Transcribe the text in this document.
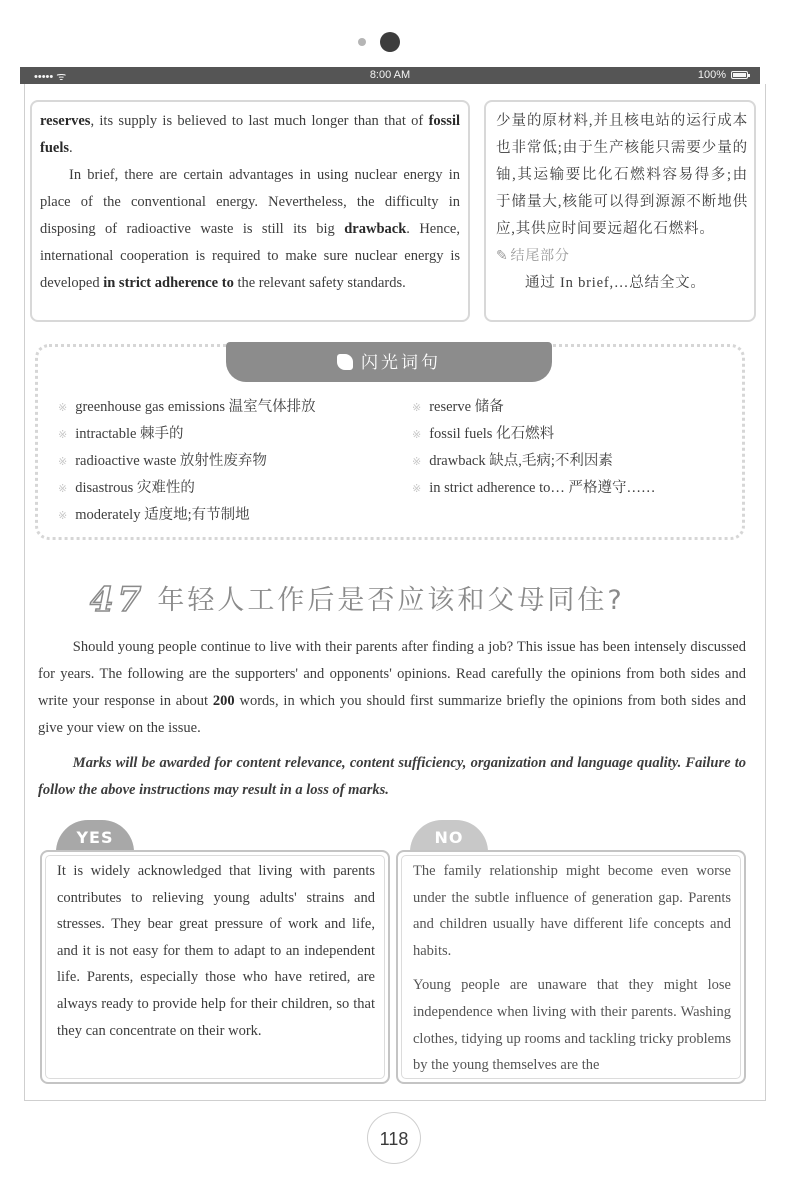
••••• ᯤ	8:00 AM	100%

reserves, its supply is believed to last much longer than that of fossil fuels.

In brief, there are certain advantages in using nuclear energy in place of the conventional energy. Nevertheless, the difficulty in disposing of radioactive waste is still its big drawback. Hence, international cooperation is required to make sure nuclear energy is developed in strict adherence to the relevant safety standards.

少量的原材料,并且核电站的运行成本也非常低;由于生产核能只需要少量的铀,其运输要比化石燃料容易得多;由于储量大,核能可以得到源源不断地供应,其供应时间要远超化石燃料。

✎ 结尾部分

通过 In brief,…总结全文。

闪光词句
※ greenhouse gas emissions 温室气体排放
※ intractable 棘手的
※ radioactive waste 放射性废弃物
※ disastrous 灾难性的
※ moderately 适度地;有节制地
※ reserve 储备
※ fossil fuels 化石燃料
※ drawback 缺点,毛病;不利因素
※ in strict adherence to… 严格遵守……
47 年轻人工作后是否应该和父母同住?

Should young people continue to live with their parents after finding a job? This issue has been intensely discussed for years. The following are the supporters' and opponents' opinions. Read carefully the opinions from both sides and write your response in about 200 words, in which you should first summarize briefly the opinions from both sides and give your view on the issue.

Marks will be awarded for content relevance, content sufficiency, organization and language quality. Failure to follow the above instructions may result in a loss of marks.
YES	NO

It is widely acknowledged that living with parents contributes to relieving young adults' strains and stresses. They bear great pressure of work and life, and it is not easy for them to adapt to an independent life. Parents, especially those who have retired, are always ready to provide help for their children, so that they can concentrate on their work.

The family relationship might become even worse under the subtle influence of generation gap. Parents and children usually have different life concepts and habits.

Young people are unaware that they might lose independence when living with their parents. Washing clothes, tidying up rooms and tackling tricky problems by the young themselves are the

118
